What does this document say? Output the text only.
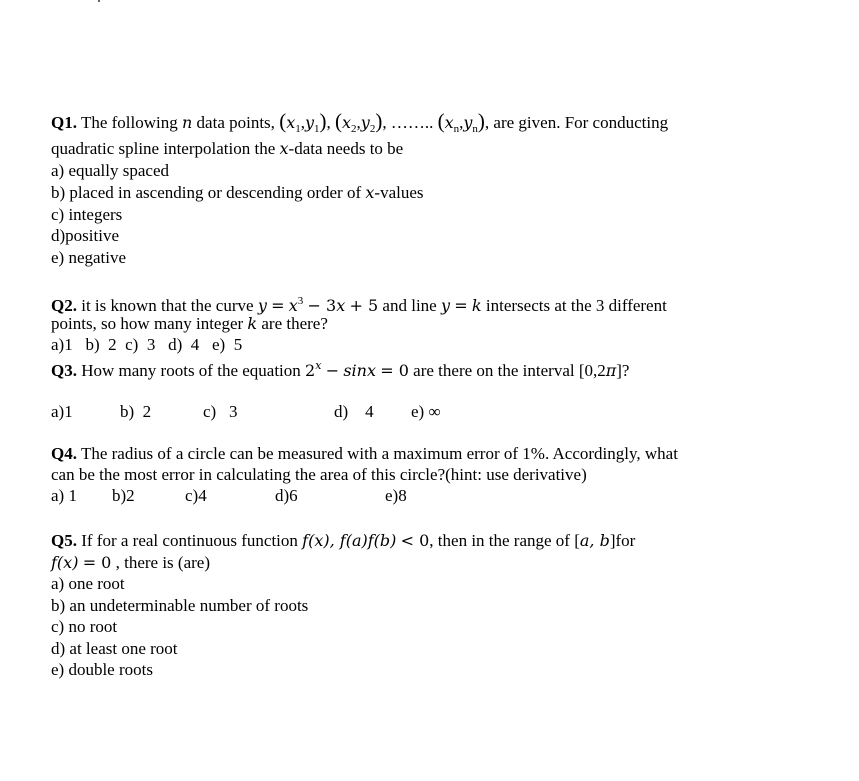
Q1. The following n data points, $(x_1,y_1)$, $(x_2,y_2)$, …….. $(x_n,y_n)$, are given. For conducting
quadratic spline interpolation the x-data needs to be
a) equally spaced
b) placed in ascending or descending order of x-values
c) integers
d)positive
e) negative
Q2. it is known that the curve $y = x^3 - 3x + 5$ and line y = k intersects at the 3 different
points, so how many integer k are there?
a)1   b)  2  c)  3   d)  4   e)  5
Q3. How many roots of the equation $2^x - \sin x = 0$ are there on the interval [0,2π]?
a)1	b)  2	c)   3	d)    4 e) ∞
Q4. The radius of a circle can be measured with a maximum error of 1%. Accordingly, what
can be the most error in calculating the area of this circle?(hint: use derivative)
a) 1 b)2	c)4	d)6	e)8
Q5. If for a real continuous function f(x), f(a)f(b) < 0, then in the range of [a, b]for
f(x) = 0 , there is (are)
a) one root
b) an undeterminable number of roots
c) no root
d) at least one root
e) double roots
